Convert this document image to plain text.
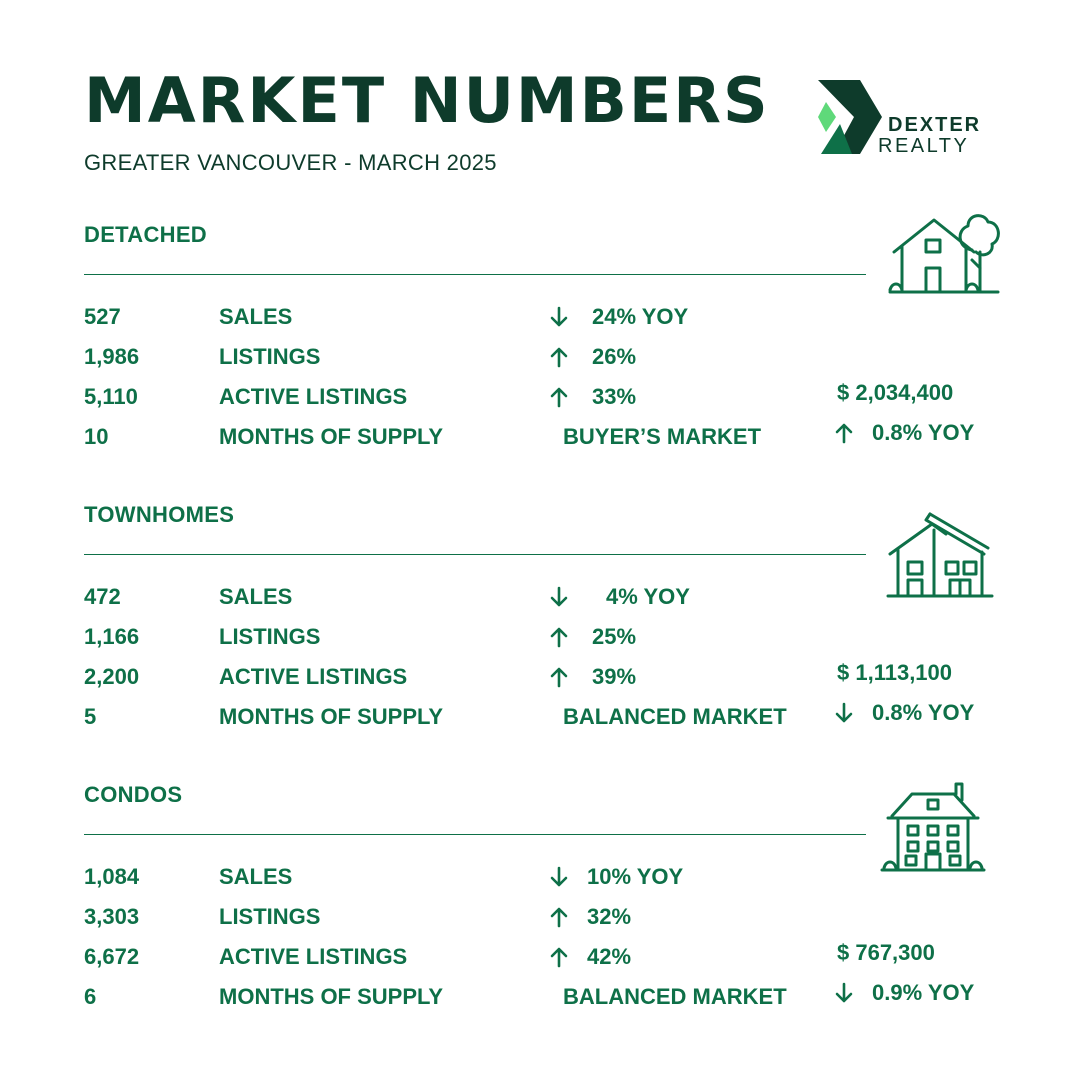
MARKET NUMBERS
GREATER VANCOUVER - MARCH 2025
DEXTER
REALTY
DETACHED
527	SALES	24% YOY
1,986	LISTINGS	26%
5,110	ACTIVE LISTINGS	33%
10	MONTHS OF SUPPLY	BUYER’S MARKET
$ 2,034,400
0.8% YOY
TOWNHOMES
472	SALES	4% YOY
1,166	LISTINGS	25%
2,200	ACTIVE LISTINGS	39%
5	MONTHS OF SUPPLY	BALANCED MARKET
$ 1,113,100
0.8% YOY
CONDOS
1,084	SALES	10% YOY
3,303	LISTINGS	32%
6,672	ACTIVE LISTINGS	42%
6	MONTHS OF SUPPLY	BALANCED MARKET
$ 767,300
0.9% YOY
